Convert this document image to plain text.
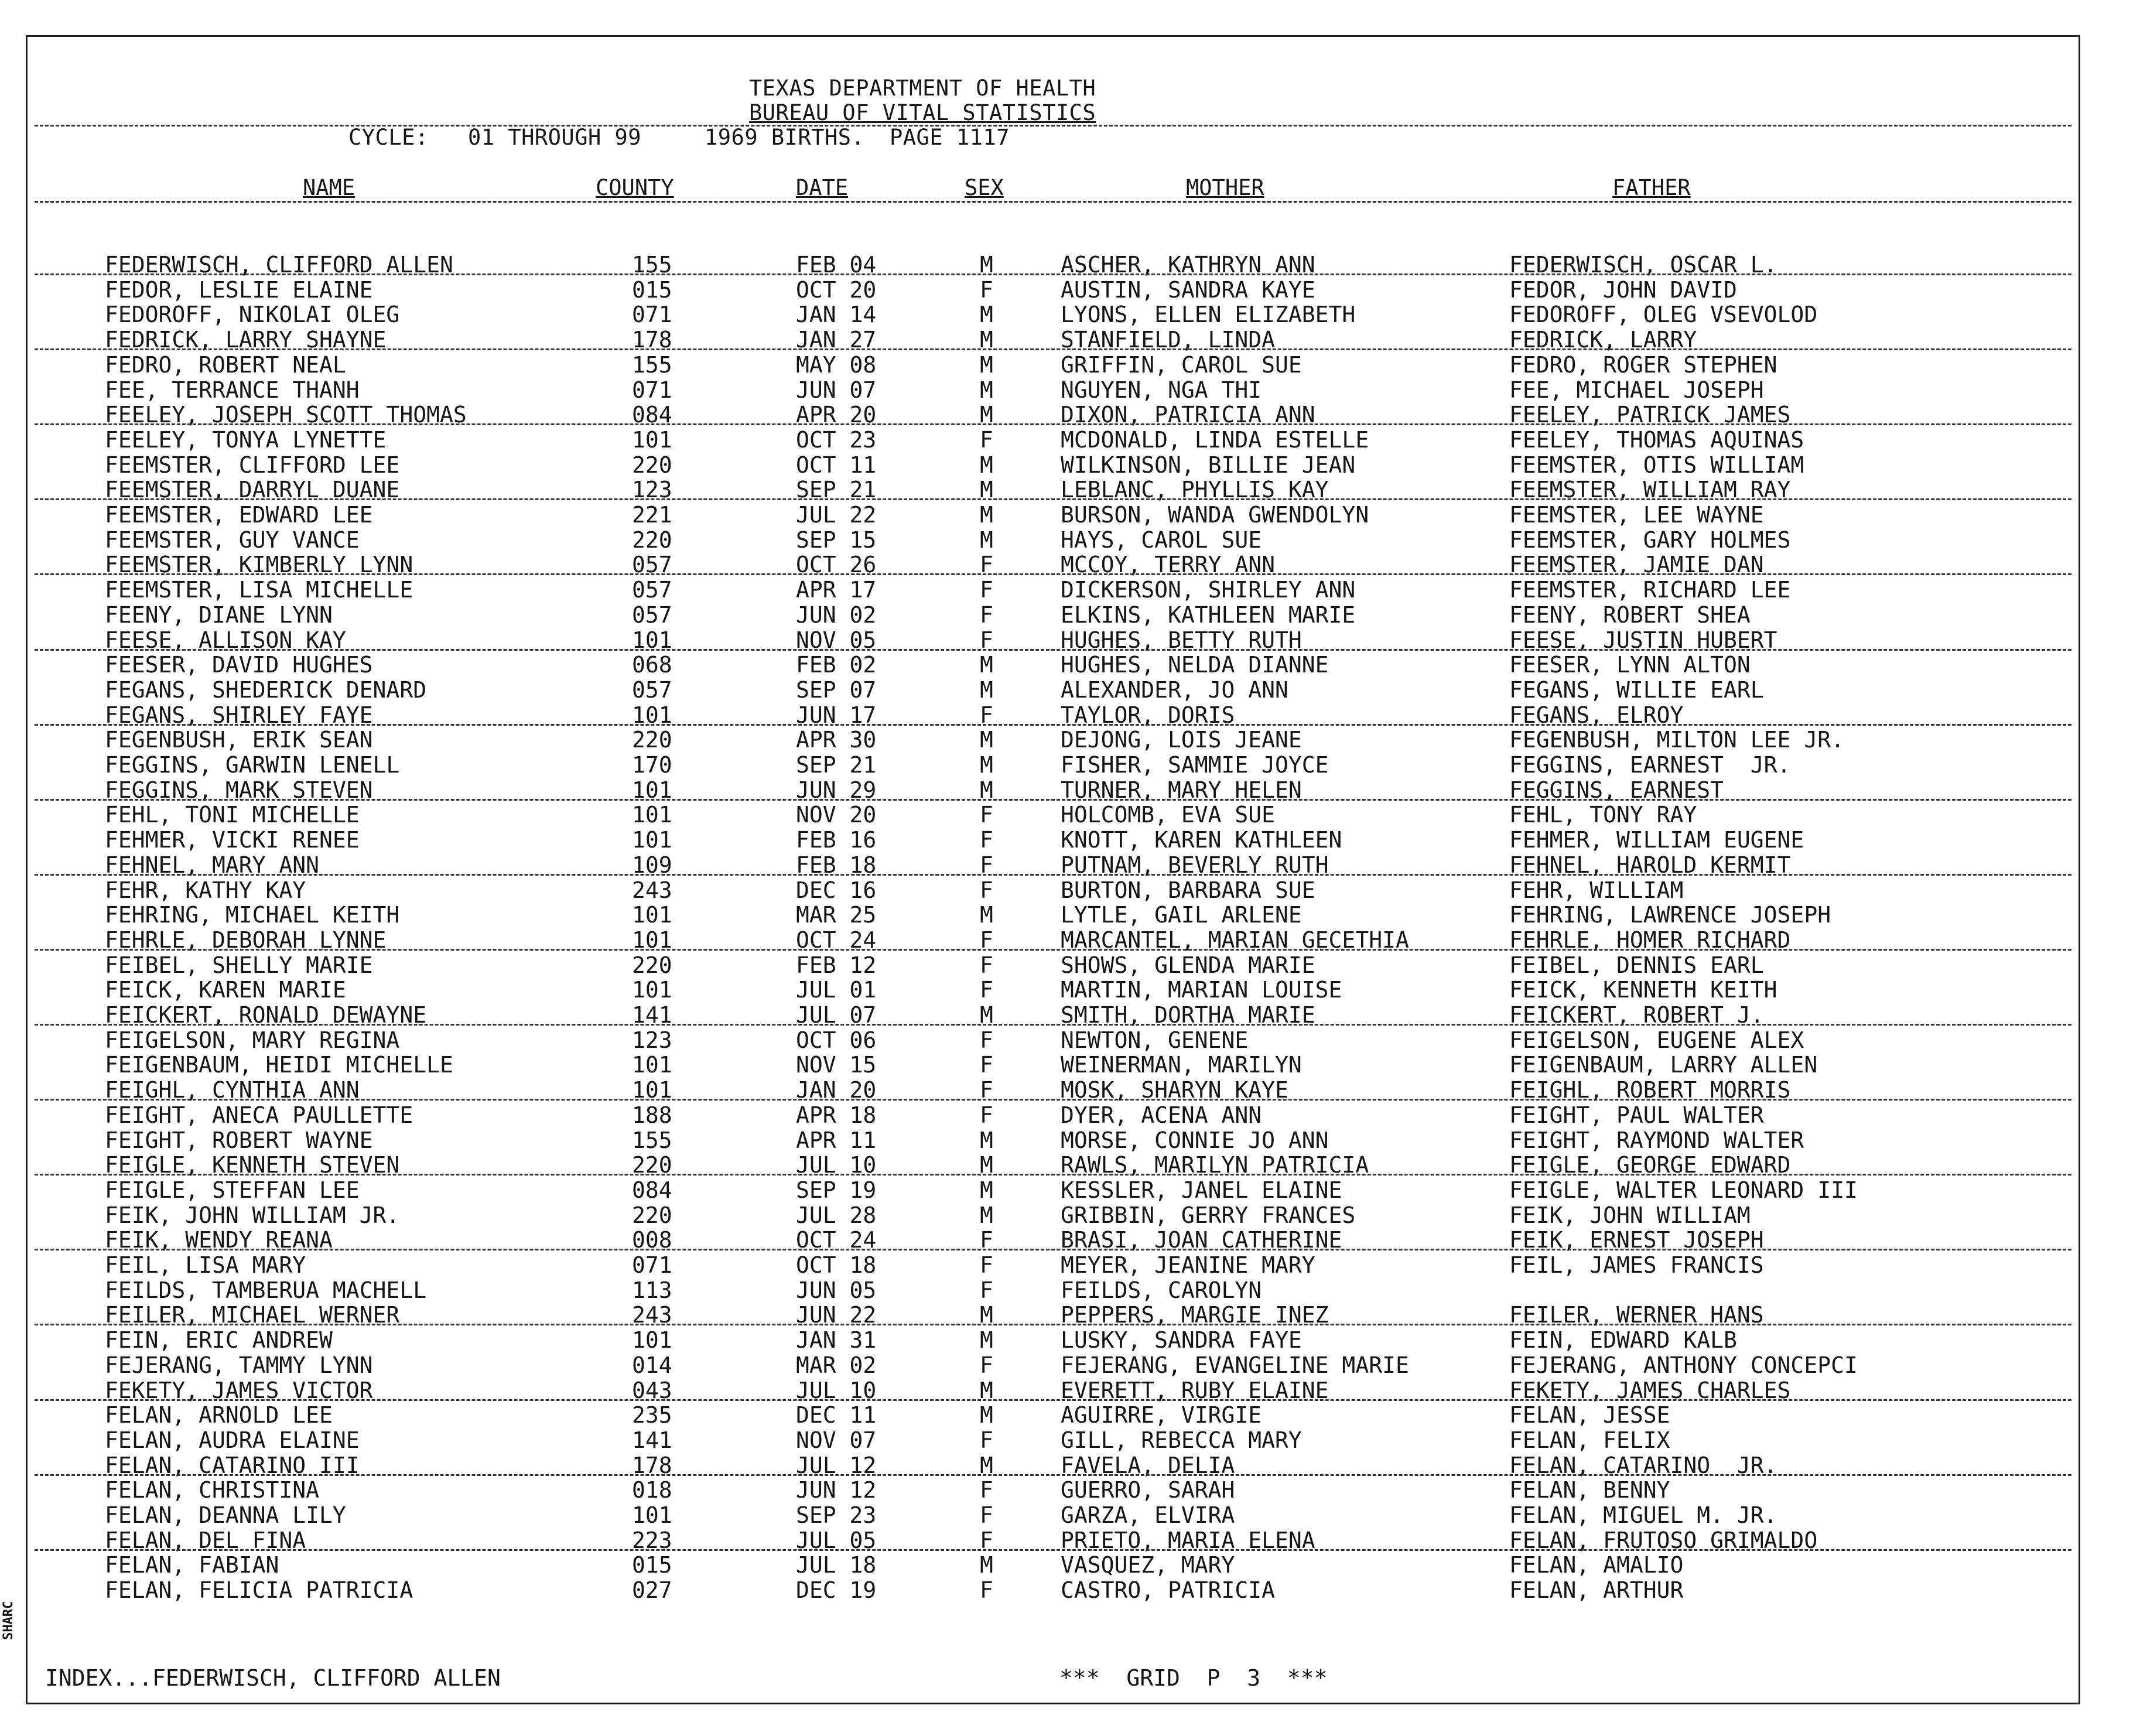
TEXAS DEPARTMENT OF HEALTH
BUREAU OF VITAL STATISTICS
CYCLE: 01 THROUGH 99	1969 BIRTHS. PAGE 1117
NAME	COUNTY	DATE	SEX	MOTHER	FATHER
FEDERWISCH, CLIFFORD ALLEN	155	FEB 04	M	ASCHER, KATHRYN ANN	FEDERWISCH, OSCAR L.
FEDOR, LESLIE ELAINE	015	OCT 20	F	AUSTIN, SANDRA KAYE	FEDOR, JOHN DAVID
FEDOROFF, NIKOLAI OLEG	071	JAN 14	M	LYONS, ELLEN ELIZABETH	FEDOROFF, OLEG VSEVOLOD
FEDRICK, LARRY SHAYNE	178	JAN 27	M	STANFIELD, LINDA	FEDRICK, LARRY
FEDRO, ROBERT NEAL	155	MAY 08	M	GRIFFIN, CAROL SUE	FEDRO, ROGER STEPHEN
FEE, TERRANCE THANH	071	JUN 07	M	NGUYEN, NGA THI	FEE, MICHAEL JOSEPH
FEELEY, JOSEPH SCOTT THOMAS	084	APR 20	M	DIXON, PATRICIA ANN	FEELEY, PATRICK JAMES
FEELEY, TONYA LYNETTE	101	OCT 23	F	MCDONALD, LINDA ESTELLE	FEELEY, THOMAS AQUINAS
FEEMSTER, CLIFFORD LEE	220	OCT 11	M	WILKINSON, BILLIE JEAN	FEEMSTER, OTIS WILLIAM
FEEMSTER, DARRYL DUANE	123	SEP 21	M	LEBLANC, PHYLLIS KAY	FEEMSTER, WILLIAM RAY
FEEMSTER, EDWARD LEE	221	JUL 22	M	BURSON, WANDA GWENDOLYN	FEEMSTER, LEE WAYNE
FEEMSTER, GUY VANCE	220	SEP 15	M	HAYS, CAROL SUE	FEEMSTER, GARY HOLMES
FEEMSTER, KIMBERLY LYNN	057	OCT 26	F	MCCOY, TERRY ANN	FEEMSTER, JAMIE DAN
FEEMSTER, LISA MICHELLE	057	APR 17	F	DICKERSON, SHIRLEY ANN	FEEMSTER, RICHARD LEE
FEENY, DIANE LYNN	057	JUN 02	F	ELKINS, KATHLEEN MARIE	FEENY, ROBERT SHEA
FEESE, ALLISON KAY	101	NOV 05	F	HUGHES, BETTY RUTH	FEESE, JUSTIN HUBERT
FEESER, DAVID HUGHES	068	FEB 02	M	HUGHES, NELDA DIANNE	FEESER, LYNN ALTON
FEGANS, SHEDERICK DENARD	057	SEP 07	M	ALEXANDER, JO ANN	FEGANS, WILLIE EARL
FEGANS, SHIRLEY FAYE	101	JUN 17	F	TAYLOR, DORIS	FEGANS, ELROY
FEGENBUSH, ERIK SEAN	220	APR 30	M	DEJONG, LOIS JEANE	FEGENBUSH, MILTON LEE JR.
FEGGINS, GARWIN LENELL	170	SEP 21	M	FISHER, SAMMIE JOYCE	FEGGINS, EARNEST  JR.
FEGGINS, MARK STEVEN	101	JUN 29	M	TURNER, MARY HELEN	FEGGINS, EARNEST
FEHL, TONI MICHELLE	101	NOV 20	F	HOLCOMB, EVA SUE	FEHL, TONY RAY
FEHMER, VICKI RENEE	101	FEB 16	F	KNOTT, KAREN KATHLEEN	FEHMER, WILLIAM EUGENE
FEHNEL, MARY ANN	109	FEB 18	F	PUTNAM, BEVERLY RUTH	FEHNEL, HAROLD KERMIT
FEHR, KATHY KAY	243	DEC 16	F	BURTON, BARBARA SUE	FEHR, WILLIAM
FEHRING, MICHAEL KEITH	101	MAR 25	M	LYTLE, GAIL ARLENE	FEHRING, LAWRENCE JOSEPH
FEHRLE, DEBORAH LYNNE	101	OCT 24	F	MARCANTEL, MARIAN GECETHIA	FEHRLE, HOMER RICHARD
FEIBEL, SHELLY MARIE	220	FEB 12	F	SHOWS, GLENDA MARIE	FEIBEL, DENNIS EARL
FEICK, KAREN MARIE	101	JUL 01	F	MARTIN, MARIAN LOUISE	FEICK, KENNETH KEITH
FEICKERT, RONALD DEWAYNE	141	JUL 07	M	SMITH, DORTHA MARIE	FEICKERT, ROBERT J.
FEIGELSON, MARY REGINA	123	OCT 06	F	NEWTON, GENENE	FEIGELSON, EUGENE ALEX
FEIGENBAUM, HEIDI MICHELLE	101	NOV 15	F	WEINERMAN, MARILYN	FEIGENBAUM, LARRY ALLEN
FEIGHL, CYNTHIA ANN	101	JAN 20	F	MOSK, SHARYN KAYE	FEIGHL, ROBERT MORRIS
FEIGHT, ANECA PAULLETTE	188	APR 18	F	DYER, ACENA ANN	FEIGHT, PAUL WALTER
FEIGHT, ROBERT WAYNE	155	APR 11	M	MORSE, CONNIE JO ANN	FEIGHT, RAYMOND WALTER
FEIGLE, KENNETH STEVEN	220	JUL 10	M	RAWLS, MARILYN PATRICIA	FEIGLE, GEORGE EDWARD
FEIGLE, STEFFAN LEE	084	SEP 19	M	KESSLER, JANEL ELAINE	FEIGLE, WALTER LEONARD III
FEIK, JOHN WILLIAM JR.	220	JUL 28	M	GRIBBIN, GERRY FRANCES	FEIK, JOHN WILLIAM
FEIK, WENDY REANA	008	OCT 24	F	BRASI, JOAN CATHERINE	FEIK, ERNEST JOSEPH
FEIL, LISA MARY	071	OCT 18	F	MEYER, JEANINE MARY	FEIL, JAMES FRANCIS
FEILDS, TAMBERUA MACHELL	113	JUN 05	F	FEILDS, CAROLYN
FEILER, MICHAEL WERNER	243	JUN 22	M	PEPPERS, MARGIE INEZ	FEILER, WERNER HANS
FEIN, ERIC ANDREW	101	JAN 31	M	LUSKY, SANDRA FAYE	FEIN, EDWARD KALB
FEJERANG, TAMMY LYNN	014	MAR 02	F	FEJERANG, EVANGELINE MARIE	FEJERANG, ANTHONY CONCEPCI
FEKETY, JAMES VICTOR	043	JUL 10	M	EVERETT, RUBY ELAINE	FEKETY, JAMES CHARLES
FELAN, ARNOLD LEE	235	DEC 11	M	AGUIRRE, VIRGIE	FELAN, JESSE
FELAN, AUDRA ELAINE	141	NOV 07	F	GILL, REBECCA MARY	FELAN, FELIX
FELAN, CATARINO III	178	JUL 12	M	FAVELA, DELIA	FELAN, CATARINO  JR.
FELAN, CHRISTINA	018	JUN 12	F	GUERRO, SARAH	FELAN, BENNY
FELAN, DEANNA LILY	101	SEP 23	F	GARZA, ELVIRA	FELAN, MIGUEL M. JR.
FELAN, DEL FINA	223	JUL 05	F	PRIETO, MARIA ELENA	FELAN, FRUTOSO GRIMALDO
FELAN, FABIAN	015	JUL 18	M	VASQUEZ, MARY	FELAN, AMALIO
FELAN, FELICIA PATRICIA	027	DEC 19	F	CASTRO, PATRICIA	FELAN, ARTHUR
INDEX...FEDERWISCH, CLIFFORD ALLEN	***  GRID  P  3  ***
SHARC
